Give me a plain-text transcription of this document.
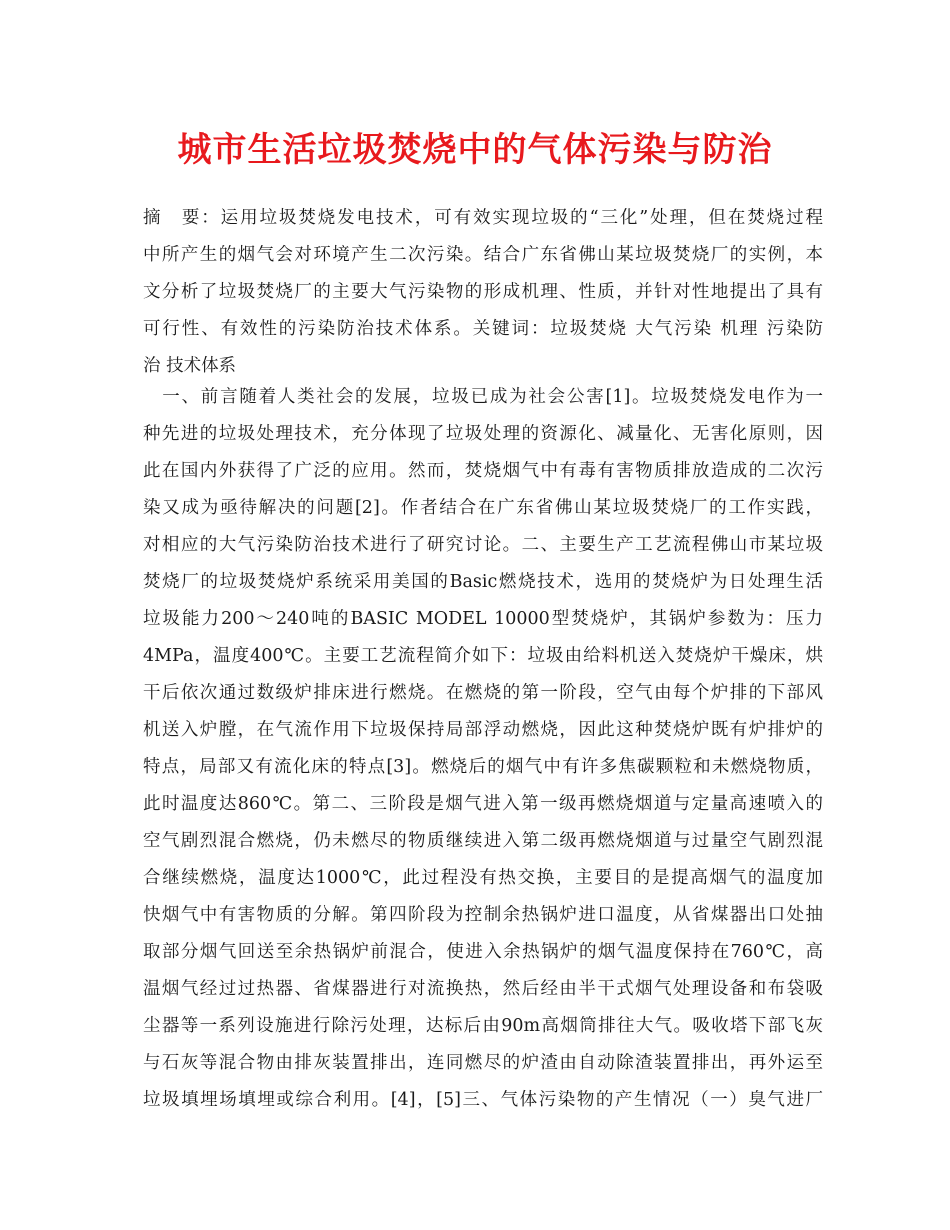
城市生活垃圾焚烧中的气体污染与防治
摘　要：运用垃圾焚烧发电技术，可有效实现垃圾的“三化”处理，但在焚烧过程
中所产生的烟气会对环境产生二次污染。结合广东省佛山某垃圾焚烧厂的实例，本
文分析了垃圾焚烧厂的主要大气污染物的形成机理、性质，并针对性地提出了具有
可行性、有效性的污染防治技术体系。关键词：垃圾焚烧 大气污染 机理 污染防
治 技术体系
　一、前言随着人类社会的发展，垃圾已成为社会公害[1]。垃圾焚烧发电作为一
种先进的垃圾处理技术，充分体现了垃圾处理的资源化、减量化、无害化原则，因
此在国内外获得了广泛的应用。然而，焚烧烟气中有毒有害物质排放造成的二次污
染又成为亟待解决的问题[2]。作者结合在广东省佛山某垃圾焚烧厂的工作实践，
对相应的大气污染防治技术进行了研究讨论。二、主要生产工艺流程佛山市某垃圾
焚烧厂的垃圾焚烧炉系统采用美国的Basic燃烧技术，选用的焚烧炉为日处理生活
垃圾能力200～240吨的BASIC MODEL 10000型焚烧炉，其锅炉参数为：压力
4MPa，温度400℃。主要工艺流程简介如下：垃圾由给料机送入焚烧炉干燥床，烘
干后依次通过数级炉排床进行燃烧。在燃烧的第一阶段，空气由每个炉排的下部风
机送入炉膛，在气流作用下垃圾保持局部浮动燃烧，因此这种焚烧炉既有炉排炉的
特点，局部又有流化床的特点[3]。燃烧后的烟气中有许多焦碳颗粒和未燃烧物质，
此时温度达860℃。第二、三阶段是烟气进入第一级再燃烧烟道与定量高速喷入的
空气剧烈混合燃烧，仍未燃尽的物质继续进入第二级再燃烧烟道与过量空气剧烈混
合继续燃烧，温度达1000℃，此过程没有热交换，主要目的是提高烟气的温度加
快烟气中有害物质的分解。第四阶段为控制余热锅炉进口温度，从省煤器出口处抽
取部分烟气回送至余热锅炉前混合，使进入余热锅炉的烟气温度保持在760℃，高
温烟气经过过热器、省煤器进行对流换热，然后经由半干式烟气处理设备和布袋吸
尘器等一系列设施进行除污处理，达标后由90m高烟筒排往大气。吸收塔下部飞灰
与石灰等混合物由排灰装置排出，连同燃尽的炉渣由自动除渣装置排出，再外运至
垃圾填埋场填埋或综合利用。[4]，[5]三、气体污染物的产生情况（一）臭气进厂
